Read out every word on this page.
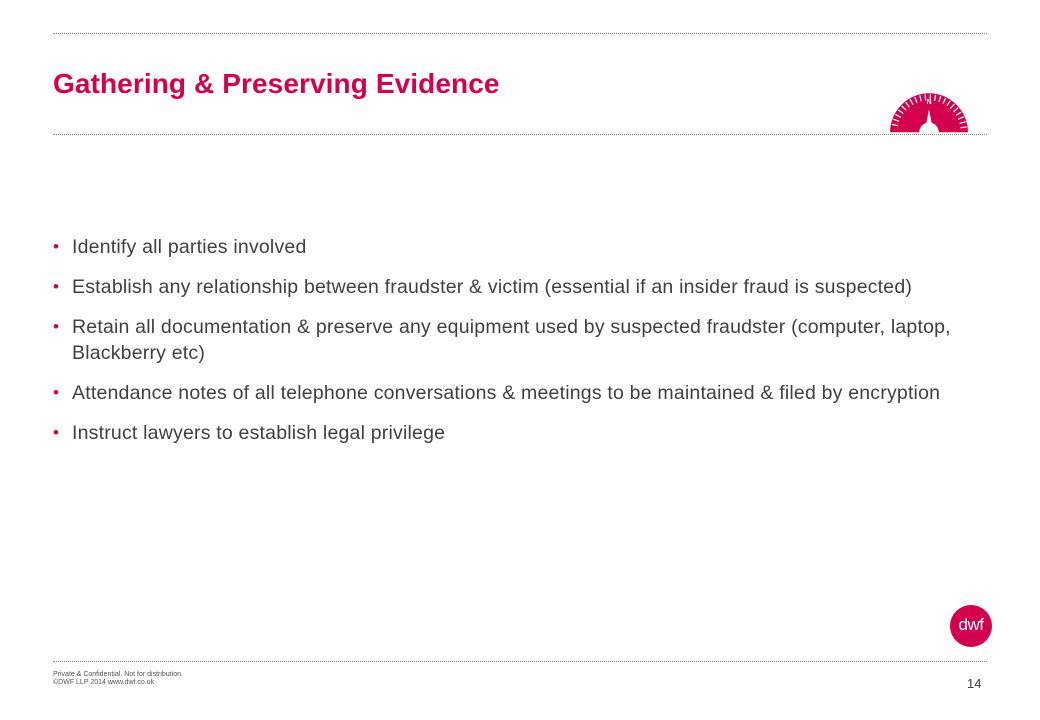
Gathering & Preserving Evidence
N
• Identify all parties involved
• Establish any relationship between fraudster & victim (essential if an insider fraud is suspected)
• Retain all documentation & preserve any equipment used by suspected fraudster (computer, laptop, Blackberry etc)
• Attendance notes of all telephone conversations & meetings to be maintained & filed by encryption
• Instruct lawyers to establish legal privilege
Private & Confidential. Not for distribution.
©DWF LLP 2014 www.dwf.co.uk
dwf
14
